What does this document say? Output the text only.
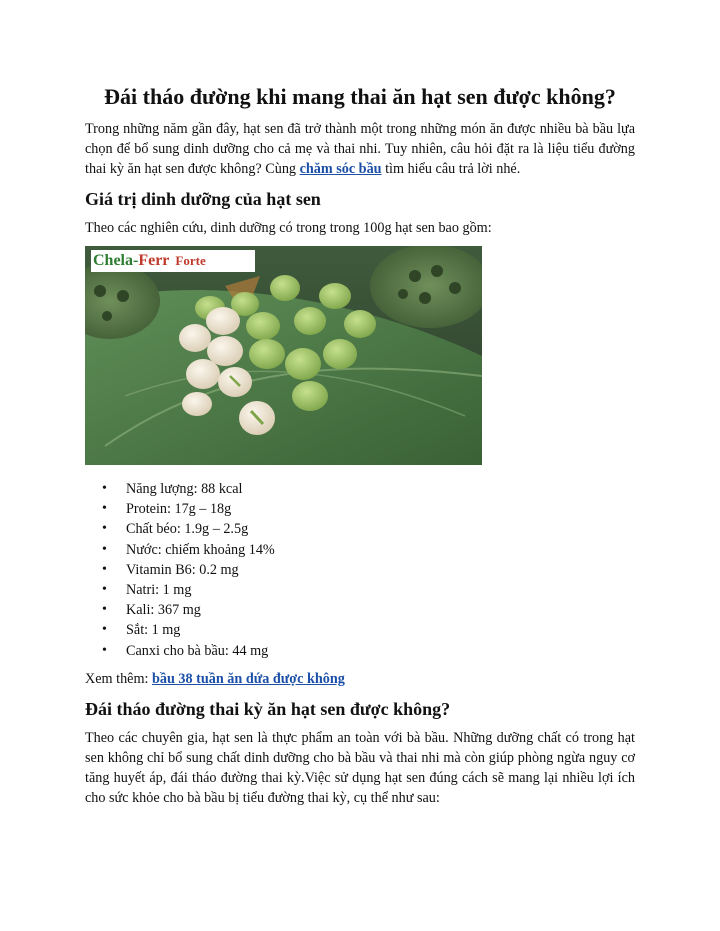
Đái tháo đường khi mang thai ăn hạt sen được không?

Trong những năm gần đây, hạt sen đã trở thành một trong những món ăn được nhiều bà bầu lựa chọn để bổ sung dinh dưỡng cho cả mẹ và thai nhi. Tuy nhiên, câu hỏi đặt ra là liệu tiểu đường thai kỳ ăn hạt sen được không? Cùng chăm sóc bầu tìm hiểu câu trả lời nhé.

Giá trị dinh dưỡng của hạt sen

Theo các nghiên cứu, dinh dưỡng có trong trong 100g hạt sen bao gồm:

Chela-Ferr Forte
• Năng lượng: 88 kcal
• Protein: 17g – 18g
• Chất béo: 1.9g – 2.5g
• Nước: chiếm khoảng 14%
• Vitamin B6: 0.2 mg
• Natri: 1 mg
• Kali: 367 mg
• Sắt: 1 mg
• Canxi cho bà bầu: 44 mg

Xem thêm: bầu 38 tuần ăn dứa được không

Đái tháo đường thai kỳ ăn hạt sen được không?

Theo các chuyên gia, hạt sen là thực phẩm an toàn với bà bầu. Những dưỡng chất có trong hạt sen không chỉ bổ sung chất dinh dưỡng cho bà bầu và thai nhi mà còn giúp phòng ngừa nguy cơ tăng huyết áp, đái tháo đường thai kỳ.Việc sử dụng hạt sen đúng cách sẽ mang lại nhiều lợi ích cho sức khỏe cho bà bầu bị tiểu đường thai kỳ, cụ thể như sau:
